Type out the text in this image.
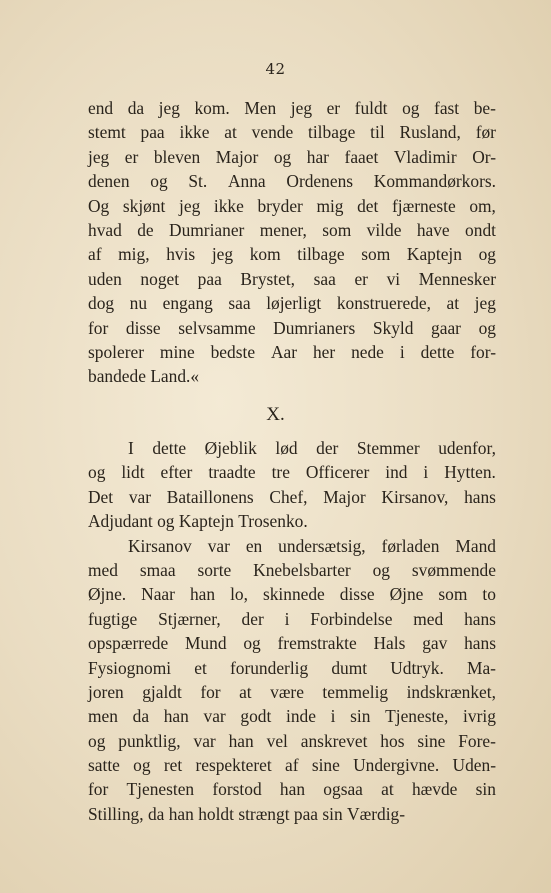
42
end da jeg kom. Men jeg er fuldt og fast be-
stemt paa ikke at vende tilbage til Rusland, før
jeg er bleven Major og har faaet Vladimir Or-
denen og St. Anna Ordenens Kommandørkors.
Og skjønt jeg ikke bryder mig det fjærneste om,
hvad de Dumrianer mener, som vilde have ondt
af mig, hvis jeg kom tilbage som Kaptejn og
uden noget paa Brystet, saa er vi Mennesker
dog nu engang saa løjerligt konstruerede, at jeg
for disse selvsamme Dumrianers Skyld gaar og
spolerer mine bedste Aar her nede i dette for-
bandede
Land.«
X.
I dette Øjeblik lød der Stemmer udenfor,
og lidt efter traadte tre Officerer ind i Hytten.
Det var Bataillonens Chef, Major Kirsanov, hans
Adjudant
og
Kaptejn
Trosenko.
Kirsanov var en undersætsig, førladen Mand
med smaa sorte Knebelsbarter og svømmende
Øjne. Naar han lo, skinnede disse Øjne som to
fugtige Stjærner, der i Forbindelse med hans
opspærrede Mund og fremstrakte Hals gav hans
Fysiognomi et forunderlig dumt Udtryk. Ma-
joren gjaldt for at være temmelig indskrænket,
men da han var godt inde i sin Tjeneste, ivrig
og punktlig, var han vel anskrevet hos sine Fore-
satte og ret respekteret af sine Undergivne. Uden-
for Tjenesten forstod han ogsaa at hævde sin
Stilling,
da
han
holdt
strængt
paa
sin
Værdig-
